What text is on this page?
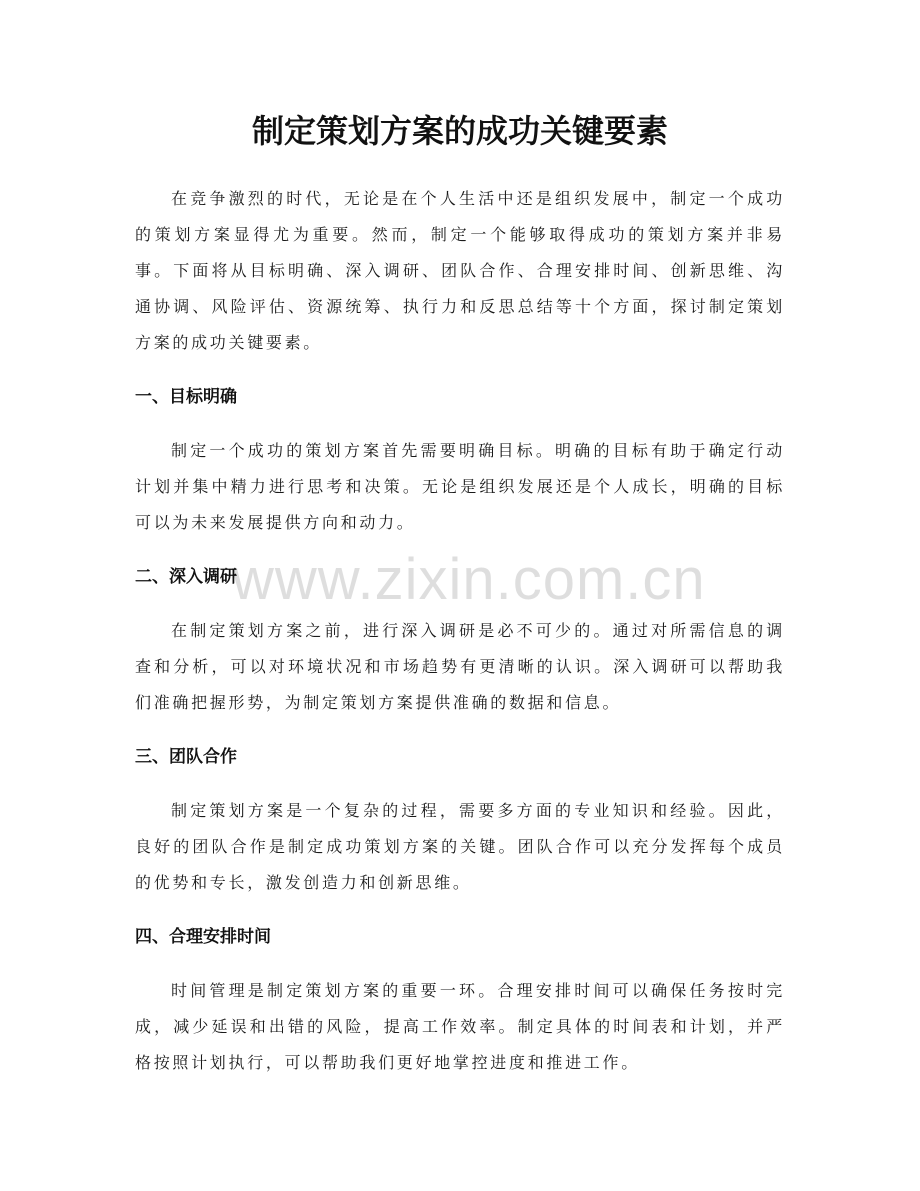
制定策划方案的成功关键要素

在竞争激烈的时代，无论是在个人生活中还是组织发展中，制定一个成功的策划方案显得尤为重要。然而，制定一个能够取得成功的策划方案并非易事。下面将从目标明确、深入调研、团队合作、合理安排时间、创新思维、沟通协调、风险评估、资源统筹、执行力和反思总结等十个方面，探讨制定策划方案的成功关键要素。

一、目标明确

制定一个成功的策划方案首先需要明确目标。明确的目标有助于确定行动计划并集中精力进行思考和决策。无论是组织发展还是个人成长，明确的目标可以为未来发展提供方向和动力。

二、深入调研

在制定策划方案之前，进行深入调研是必不可少的。通过对所需信息的调查和分析，可以对环境状况和市场趋势有更清晰的认识。深入调研可以帮助我们准确把握形势，为制定策划方案提供准确的数据和信息。

三、团队合作

制定策划方案是一个复杂的过程，需要多方面的专业知识和经验。因此，良好的团队合作是制定成功策划方案的关键。团队合作可以充分发挥每个成员的优势和专长，激发创造力和创新思维。

四、合理安排时间

时间管理是制定策划方案的重要一环。合理安排时间可以确保任务按时完成，减少延误和出错的风险，提高工作效率。制定具体的时间表和计划，并严格按照计划执行，可以帮助我们更好地掌控进度和推进工作。

www.zixin.com.cn
